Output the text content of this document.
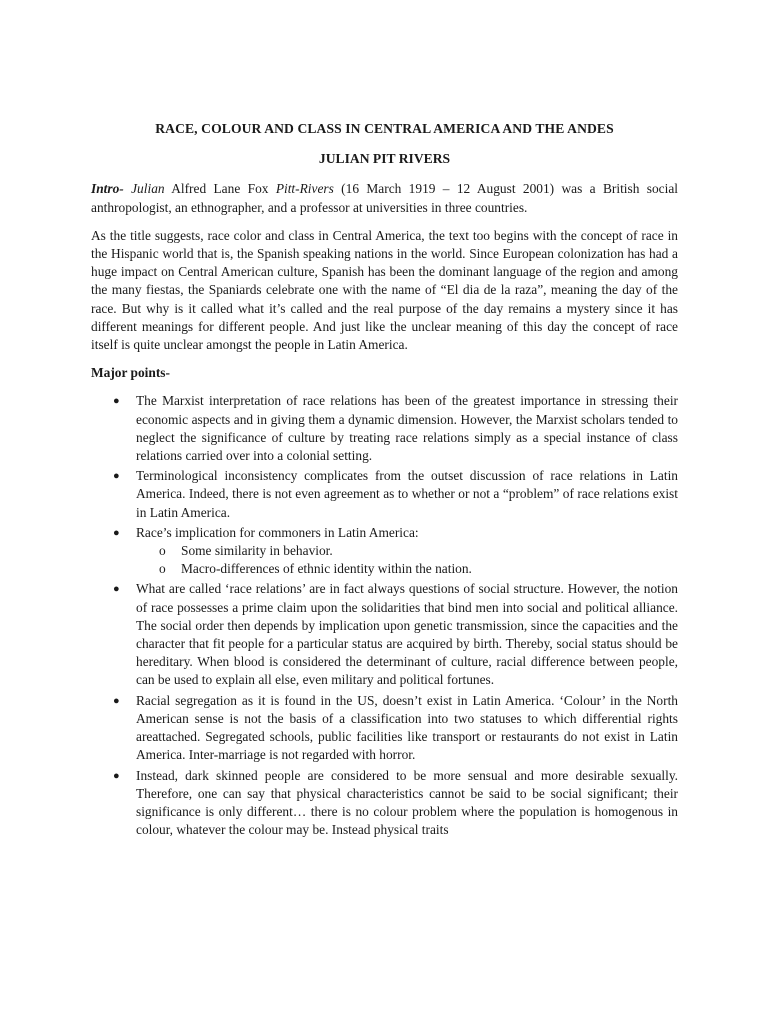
RACE, COLOUR AND CLASS IN CENTRAL AMERICA AND THE ANDES
JULIAN PIT RIVERS

Intro- Julian Alfred Lane Fox Pitt-Rivers (16 March 1919 – 12 August 2001) was a British social anthropologist, an ethnographer, and a professor at universities in three countries.

As the title suggests, race color and class in Central America, the text too begins with the concept of race in the Hispanic world that is, the Spanish speaking nations in the world. Since European colonization has had a huge impact on Central American culture, Spanish has been the dominant language of the region and among the many fiestas, the Spaniards celebrate one with the name of “El dia de la raza”, meaning the day of the race. But why is it called what it’s called and the real purpose of the day remains a mystery since it has different meanings for different people. And just like the unclear meaning of this day the concept of race itself is quite unclear amongst the people in Latin America.

Major points-
● The Marxist interpretation of race relations has been of the greatest importance in stressing their economic aspects and in giving them a dynamic dimension. However, the Marxist scholars tended to neglect the significance of culture by treating race relations simply as a special instance of class relations carried over into a colonial setting.
● Terminological inconsistency complicates from the outset discussion of race relations in Latin America. Indeed, there is not even agreement as to whether or not a “problem” of race relations exist in Latin America.
● Race’s implication for commoners in Latin America:
o Some similarity in behavior.
o Macro-differences of ethnic identity within the nation.
● What are called ‘race relations’ are in fact always questions of social structure. However, the notion of race possesses a prime claim upon the solidarities that bind men into social and political alliance. The social order then depends by implication upon genetic transmission, since the capacities and the character that fit people for a particular status are acquired by birth. Thereby, social status should be hereditary. When blood is considered the determinant of culture, racial difference between people, can be used to explain all else, even military and political fortunes.
● Racial segregation as it is found in the US, doesn’t exist in Latin America. ‘Colour’ in the North American sense is not the basis of a classification into two statuses to which differential rights areattached. Segregated schools, public facilities like transport or restaurants do not exist in Latin America. Inter-marriage is not regarded with horror.
● Instead, dark skinned people are considered to be more sensual and more desirable sexually. Therefore, one can say that physical characteristics cannot be said to be social significant; their significance is only different… there is no colour problem where the population is homogenous in colour, whatever the colour may be. Instead physical traits
